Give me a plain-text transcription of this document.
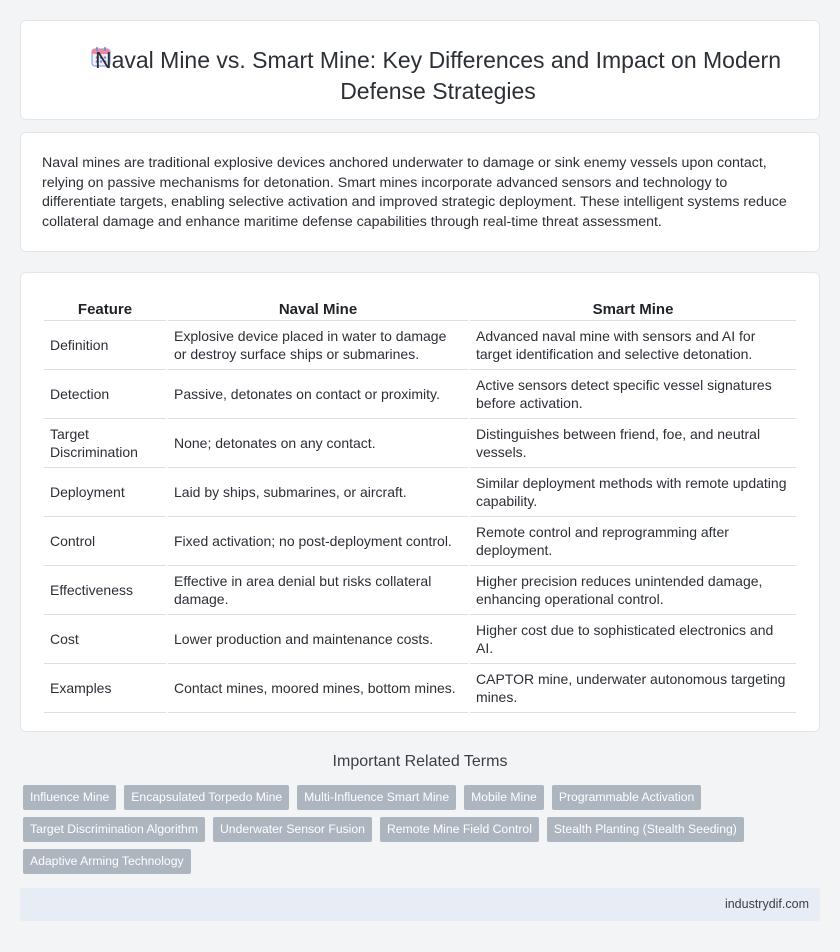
Naval Mine vs. Smart Mine: Key Differences and Impact on Modern Defense Strategies

Naval mines are traditional explosive devices anchored underwater to damage or sink enemy vessels upon contact, relying on passive mechanisms for detonation. Smart mines incorporate advanced sensors and technology to differentiate targets, enabling selective activation and improved strategic deployment. These intelligent systems reduce collateral damage and enhance maritime defense capabilities through real-time threat assessment.

Feature	Naval Mine	Smart Mine
Definition	Explosive device placed in water to damage or destroy surface ships or submarines.	Advanced naval mine with sensors and AI for target identification and selective detonation.
Detection	Passive, detonates on contact or proximity.	Active sensors detect specific vessel signatures before activation.
Target Discrimination	None; detonates on any contact.	Distinguishes between friend, foe, and neutral vessels.
Deployment	Laid by ships, submarines, or aircraft.	Similar deployment methods with remote updating capability.
Control	Fixed activation; no post-deployment control.	Remote control and reprogramming after deployment.
Effectiveness	Effective in area denial but risks collateral damage.	Higher precision reduces unintended damage, enhancing operational control.
Cost	Lower production and maintenance costs.	Higher cost due to sophisticated electronics and AI.
Examples	Contact mines, moored mines, bottom mines.	CAPTOR mine, underwater autonomous targeting mines.
Important Related Terms
Influence Mine	Encapsulated Torpedo Mine	Multi-Influence Smart Mine	Mobile Mine	Programmable Activation
Target Discrimination Algorithm	Underwater Sensor Fusion	Remote Mine Field Control	Stealth Planting (Stealth Seeding)
Adaptive Arming Technology
industrydif.com
